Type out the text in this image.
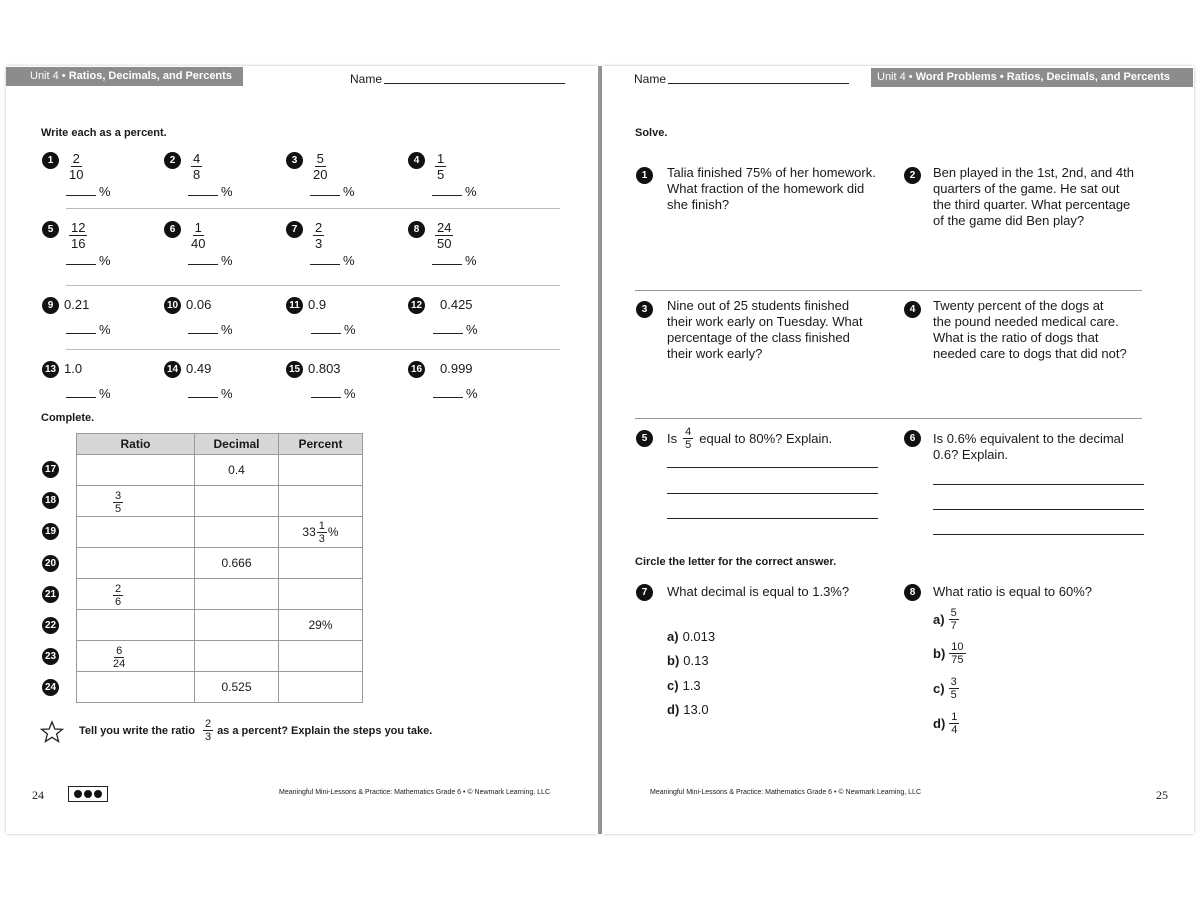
Unit 4 • Ratios, Decimals, and Percents	Name
Write each as a percent.
Complete.
Ratio	Decimal	Percent
	0.4	

$\frac{3}{5}$

		$33 \frac{1}{3}$ %

	0.666	

$\frac{2}{6}$

		29%

$\frac{6}{24}$

	0.525	
Tell you write the ratio $\frac{2}{3}$ as a percent? Explain the steps you take.
24	Meaningful Mini-Lessons & Practice: Mathematics Grade 6 • © Newmark Learning, LLC
1	$\frac{2}{10}$
%
2	$\frac{4}{8}$
%
3	$\frac{5}{20}$
%
4	$\frac{1}{5}$
%
5	$\frac{12}{16}$
%
6	$\frac{1}{40}$
%
7	$\frac{2}{3}$
%
8	$\frac{24}{50}$
%
9 0.21
%
10 0.06
%
11 0.9
%
12 0.425
%
13 1.0
%
14 0.49
%
15 0.803
%
16 0.999
%
17
18
19
20
21
22
23
24
Name	Unit 4 • Word Problems • Ratios, Decimals, and Percents
Solve.
1	Talia finished 75% of her homework.
What fraction of the homework did
she finish?
2	Ben played in the 1st, 2nd, and 4th
quarters of the game. He sat out
the third quarter. What percentage
of the game did Ben play?
3	Nine out of 25 students finished
their work early on Tuesday. What
percentage of the class finished
their work early?
4	Twenty percent of the dogs at
the pound needed medical care.
What is the ratio of dogs that
needed care to dogs that did not?
5	Is $\frac{4}{5}$ equal to 80%? Explain.	6	Is 0.6% equivalent to the decimal
0.6? Explain.
Circle the letter for the correct answer.
7	What decimal is equal to 1.3%?	8	What ratio is equal to 60%?
Meaningful Mini-Lessons & Practice: Mathematics Grade 6 • © Newmark Learning, LLC	25
a) 0.013
b) 0.13
c) 1.3
d) 13.0
$a) \frac{5}{7}$
$b) \frac{10}{75}$
$c) \frac{3}{5}$
$d) \frac{1}{4}$
